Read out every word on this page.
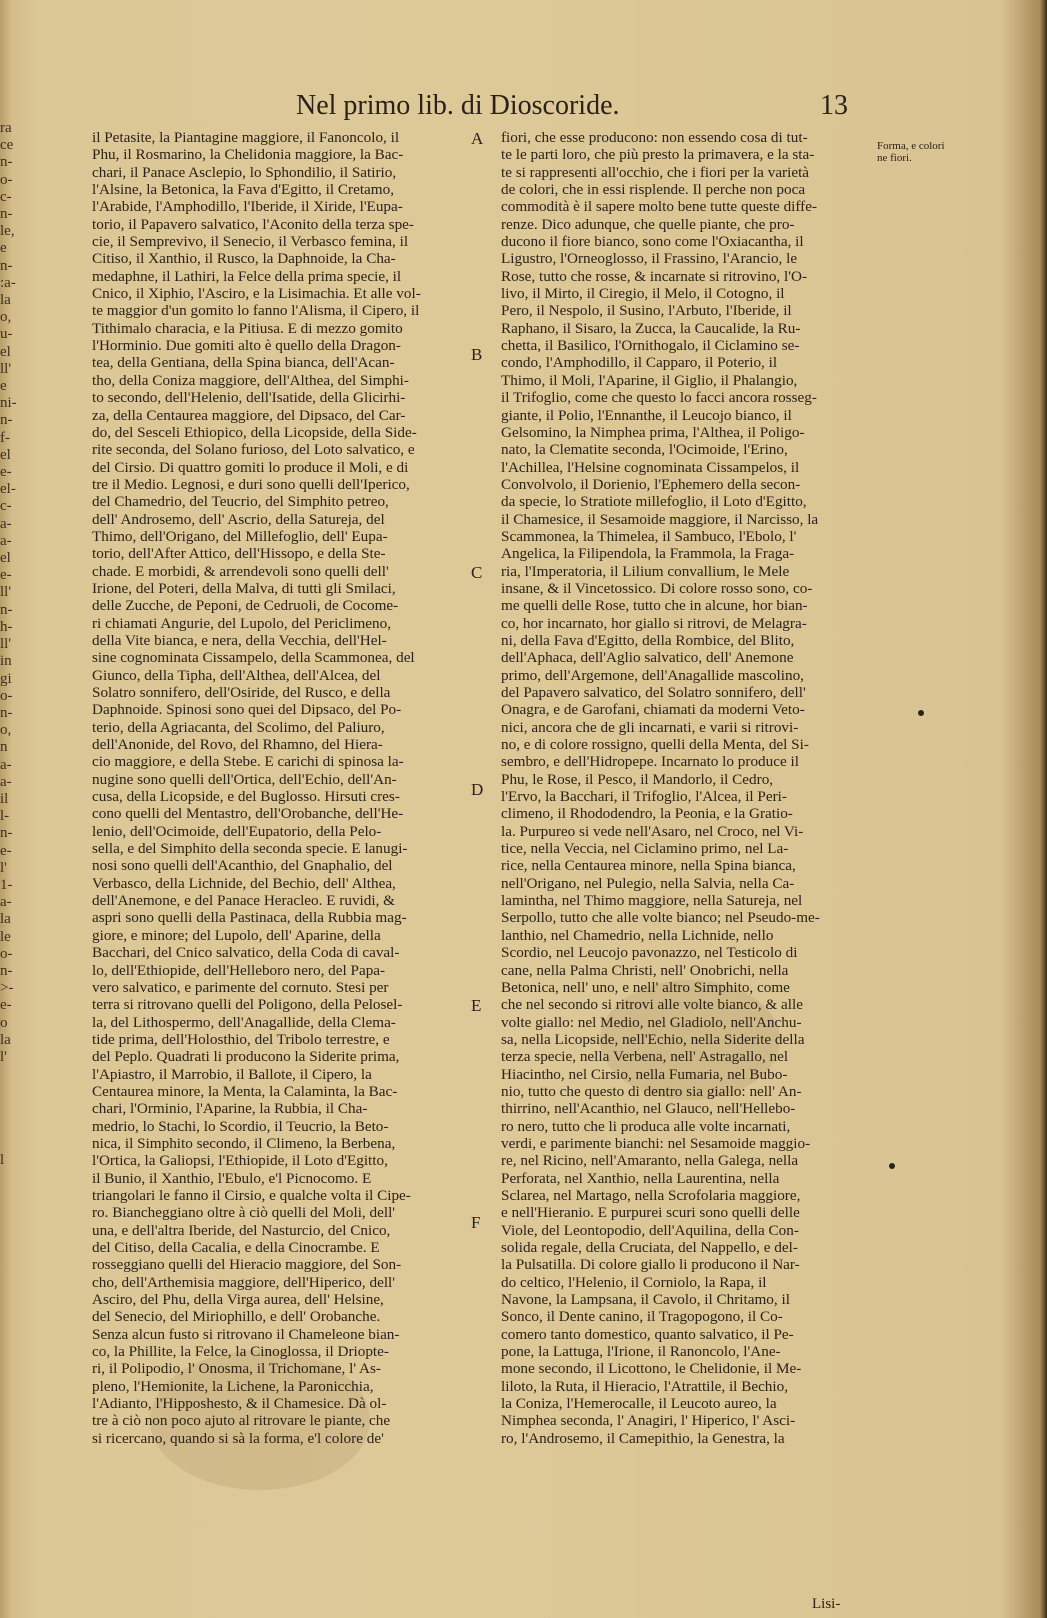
ra
ce
n-
o-
c-
n-
le,
e
n-
:a-
la
o,
u-
el
ll'
e
ni-
n-
f-
el
e-
el-
c-
a-
a-
el
e-
ll'
n-
h-
ll'
in
gi
o-
n-
o,
n
a-
a-
il
l-
n-
e-
l'
1-
a-
la
le
o-
n-
>-
e-
o
la
l'

l

Nel primo lib. di Dioscoride.	13

il Petasite, la Piantagine maggiore, il Fanoncolo, il
Phu, il Rosmarino, la Chelidonia maggiore, la Bac-
chari, il Panace Asclepio, lo Sphondilio, il Satirio,
l'Alsine, la Betonica, la Fava d'Egitto, il Cretamo,
l'Arabide, l'Amphodillo, l'Iberide, il Xiride, l'Eupa-
torio, il Papavero salvatico, l'Aconito della terza spe-
cie, il Semprevivo, il Senecio, il Verbasco femina, il
Citiso, il Xanthio, il Rusco, la Daphnoide, la Cha-
medaphne, il Lathiri, la Felce della prima specie, il
Cnico, il Xiphio, l'Asciro, e la Lisimachia. Et alle vol-
te maggior d'un gomito lo fanno l'Alisma, il Cipero, il
Tithimalo characia, e la Pitiusa. E di mezzo gomito
l'Horminio. Due gomiti alto è quello della Dragon-
tea, della Gentiana, della Spina bianca, dell'Acan-
tho, della Coniza maggiore, dell'Althea, del Simphi-
to secondo, dell'Helenio, dell'Isatide, della Glicirhi-
za, della Centaurea maggiore, del Dipsaco, del Car-
do, del Sesceli Ethiopico, della Licopside, della Side-
rite seconda, del Solano furioso, del Loto salvatico, e
del Cirsio. Di quattro gomiti lo produce il Moli, e di
tre il Medio. Legnosi, e duri sono quelli dell'Iperico,
del Chamedrio, del Teucrio, del Simphito petreo,
dell' Androsemo, dell' Ascrio, della Satureja, del
Thimo, dell'Origano, del Millefoglio, dell' Eupa-
torio, dell'After Attico, dell'Hissopo, e della Ste-
chade. E morbidi, & arrendevoli sono quelli dell'
Irione, del Poteri, della Malva, di tutti gli Smilaci,
delle Zucche, de Peponi, de Cedruoli, de Cocome-
ri chiamati Angurie, del Lupolo, del Periclimeno,
della Vite bianca, e nera, della Vecchia, dell'Hel-
sine cognominata Cissampelo, della Scammonea, del
Giunco, della Tipha, dell'Althea, dell'Alcea, del
Solatro sonnifero, dell'Osiride, del Rusco, e della
Daphnoide. Spinosi sono quei del Dipsaco, del Po-
terio, della Agriacanta, del Scolimo, del Paliuro,
dell'Anonide, del Rovo, del Rhamno, del Hiera-
cio maggiore, e della Stebe. E carichi di spinosa la-
nugine sono quelli dell'Ortica, dell'Echio, dell'An-
cusa, della Licopside, e del Buglosso. Hirsuti cres-
cono quelli del Mentastro, dell'Orobanche, dell'He-
lenio, dell'Ocimoide, dell'Eupatorio, della Pelo-
sella, e del Simphito della seconda specie. E lanugi-
nosi sono quelli dell'Acanthio, del Gnaphalio, del
Verbasco, della Lichnide, del Bechio, dell' Althea,
dell'Anemone, e del Panace Heracleo. E ruvidi, &
aspri sono quelli della Pastinaca, della Rubbia mag-
giore, e minore; del Lupolo, dell' Aparine, della
Bacchari, del Cnico salvatico, della Coda di caval-
lo, dell'Ethiopide, dell'Helleboro nero, del Papa-
vero salvatico, e parimente del cornuto. Stesi per
terra si ritrovano quelli del Poligono, della Pelosel-
la, del Lithospermo, dell'Anagallide, della Clema-
tide prima, dell'Holosthio, del Tribolo terrestre, e
del Peplo. Quadrati li producono la Siderite prima,
l'Apiastro, il Marrobio, il Ballote, il Cipero, la
Centaurea minore, la Menta, la Calaminta, la Bac-
chari, l'Orminio, l'Aparine, la Rubbia, il Cha-
medrio, lo Stachi, lo Scordio, il Teucrio, la Beto-
nica, il Simphito secondo, il Climeno, la Berbena,
l'Ortica, la Galiopsi, l'Ethiopide, il Loto d'Egitto,
il Bunio, il Xanthio, l'Ebulo, e'l Picnocomo. E
triangolari le fanno il Cirsio, e qualche volta il Cipe-
ro. Biancheggiano oltre à ciò quelli del Moli, dell'
una, e dell'altra Iberide, del Nasturcio, del Cnico,
del Citiso, della Cacalia, e della Cinocrambe. E
rosseggiano quelli del Hieracio maggiore, del Son-
cho, dell'Arthemisia maggiore, dell'Hiperico, dell'
Asciro, del Phu, della Virga aurea, dell' Helsine,
del Senecio, del Miriophillo, e dell' Orobanche.
Senza alcun fusto si ritrovano il Chameleone bian-
co, la Phillite, la Felce, la Cinoglossa, il Driopte-
ri, il Polipodio, l' Onosma, il Trichomane, l' As-
pleno, l'Hemionite, la Lichene, la Paronicchia,
l'Adianto, l'Hipposhesto, & il Chamesice. Dà ol-
tre à ciò non poco ajuto al ritrovare le piante, che
si ricercano, quando si sà la forma, e'l colore de'

A
B
C
D
E
F

fiori, che esse producono: non essendo cosa di tut-
te le parti loro, che più presto la primavera, e la sta-
te si rappresenti all'occhio, che i fiori per la varietà
de colori, che in essi risplende. Il perche non poca
commodità è il sapere molto bene tutte queste diffe-
renze. Dico adunque, che quelle piante, che pro-
ducono il fiore bianco, sono come l'Oxiacantha, il
Ligustro, l'Orneoglosso, il Frassino, l'Arancio, le
Rose, tutto che rosse, & incarnate si ritrovino, l'O-
livo, il Mirto, il Ciregio, il Melo, il Cotogno, il
Pero, il Nespolo, il Susino, l'Arbuto, l'Iberide, il
Raphano, il Sisaro, la Zucca, la Caucalide, la Ru-
chetta, il Basilico, l'Ornithogalo, il Ciclamino se-
condo, l'Amphodillo, il Capparo, il Poterio, il
Thimo, il Moli, l'Aparine, il Giglio, il Phalangio,
il Trifoglio, come che questo lo facci ancora rosseg-
giante, il Polio, l'Ennanthe, il Leucojo bianco, il
Gelsomino, la Nimphea prima, l'Althea, il Poligo-
nato, la Clematite seconda, l'Ocimoide, l'Erino,
l'Achillea, l'Helsine cognominata Cissampelos, il
Convolvolo, il Dorienio, l'Ephemero della secon-
da specie, lo Stratiote millefoglio, il Loto d'Egitto,
il Chamesice, il Sesamoide maggiore, il Narcisso, la
Scammonea, la Thimelea, il Sambuco, l'Ebolo, l'
Angelica, la Filipendola, la Frammola, la Fraga-
ria, l'Imperatoria, il Lilium convallium, le Mele
insane, & il Vincetossico. Di colore rosso sono, co-
me quelli delle Rose, tutto che in alcune, hor bian-
co, hor incarnato, hor giallo si ritrovi, de Melagra-
ni, della Fava d'Egitto, della Rombice, del Blito,
dell'Aphaca, dell'Aglio salvatico, dell' Anemone
primo, dell'Argemone, dell'Anagallide mascolino,
del Papavero salvatico, del Solatro sonnifero, dell'
Onagra, e de Garofani, chiamati da moderni Veto-
nici, ancora che de gli incarnati, e varii si ritrovi-
no, e di colore rossigno, quelli della Menta, del Si-
sembro, e dell'Hidropepe. Incarnato lo produce il
Phu, le Rose, il Pesco, il Mandorlo, il Cedro,
l'Ervo, la Bacchari, il Trifoglio, l'Alcea, il Peri-
climeno, il Rhododendro, la Peonia, e la Gratio-
la. Purpureo si vede nell'Asaro, nel Croco, nel Vi-
tice, nella Veccia, nel Ciclamino primo, nel La-
rice, nella Centaurea minore, nella Spina bianca,
nell'Origano, nel Pulegio, nella Salvia, nella Ca-
lamintha, nel Thimo maggiore, nella Satureja, nel
Serpollo, tutto che alle volte bianco; nel Pseudo-me-
lanthio, nel Chamedrio, nella Lichnide, nello
Scordio, nel Leucojo pavonazzo, nel Testicolo di
cane, nella Palma Christi, nell' Onobrichi, nella
Betonica, nell' uno, e nell' altro Simphito, come
che nel secondo si ritrovi alle volte bianco, & alle
volte giallo: nel Medio, nel Gladiolo, nell'Anchu-
sa, nella Licopside, nell'Echio, nella Siderite della
terza specie, nella Verbena, nell' Astragallo, nel
Hiacintho, nel Cirsio, nella Fumaria, nel Bubo-
nio, tutto che questo di dentro sia giallo: nell' An-
thirrino, nell'Acanthio, nel Glauco, nell'Hellebo-
ro nero, tutto che li produca alle volte incarnati,
verdi, e parimente bianchi: nel Sesamoide maggio-
re, nel Ricino, nell'Amaranto, nella Galega, nella
Perforata, nel Xanthio, nella Laurentina, nella
Sclarea, nel Martago, nella Scrofolaria maggiore,
e nell'Hieranio. E purpurei scuri sono quelli delle
Viole, del Leontopodio, dell'Aquilina, della Con-
solida regale, della Cruciata, del Nappello, e del-
la Pulsatilla. Di colore giallo li producono il Nar-
do celtico, l'Helenio, il Corniolo, la Rapa, il
Navone, la Lampsana, il Cavolo, il Chritamo, il
Sonco, il Dente canino, il Tragopogono, il Co-
comero tanto domestico, quanto salvatico, il Pe-
pone, la Lattuga, l'Irione, il Ranoncolo, l'Ane-
mone secondo, il Licottono, le Chelidonie, il Me-
liloto, la Ruta, il Hieracio, l'Atrattile, il Bechio,
la Coniza, l'Hemerocalle, il Leucoto aureo, la
Nimphea seconda, l' Anagiri, l' Hiperico, l' Asci-
ro, l'Androsemo, il Camepithio, la Genestra, la

Forma, e colori ne fiori.
Lisi-
